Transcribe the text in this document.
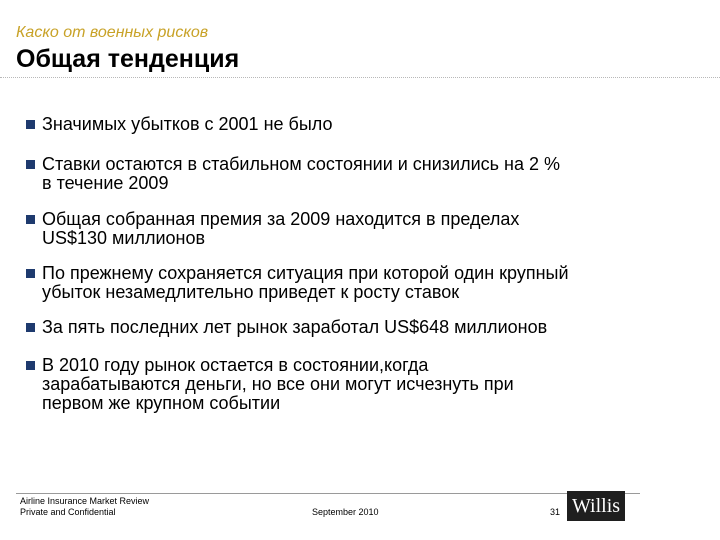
Каско от военных рисков
Общая тенденция
Значимых убытков с 2001 не было
Ставки остаются в стабильном состоянии и снизились на 2 %
в течение 2009
Общая собранная премия за 2009 находится в пределах
US$130 миллионов
По прежнему сохраняется ситуация при которой один крупный
убыток незамедлительно приведет к росту ставок
За пять последних лет рынок заработал US$648 миллионов
В 2010 году рынок остается в состоянии,когда
зарабатываются деньги, но все они могут исчезнуть при
первом же крупном событии
Airline Insurance Market Review
Private and Confidential	September 2010	31 Willis
